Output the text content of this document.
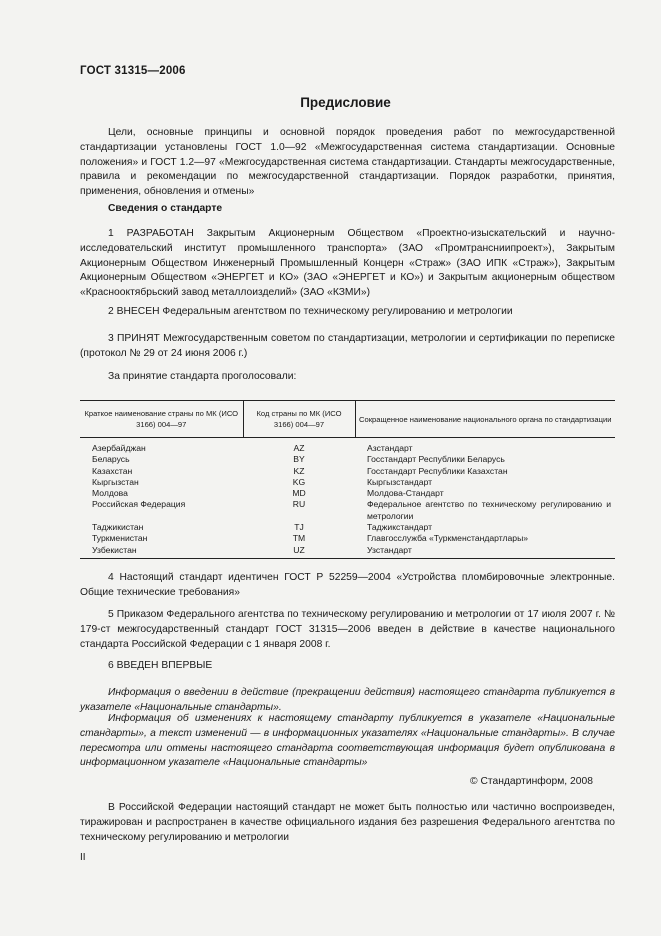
ГОСТ 31315—2006
Предисловие
Цели, основные принципы и основной порядок проведения работ по межгосударственной стандартизации установлены ГОСТ 1.0—92 «Межгосударственная система стандартизации. Основные положения» и ГОСТ 1.2—97 «Межгосударственная система стандартизации. Стандарты межгосударственные, правила и рекомендации по межгосударственной стандартизации. Порядок разработки, принятия, применения, обновления и отмены»
Сведения о стандарте
1 РАЗРАБОТАН Закрытым Акционерным Обществом «Проектно-изыскательский и научно-исследовательский институт промышленного транспорта» (ЗАО «Промтрансниипроект»), Закрытым Акционерным Обществом Инженерный Промышленный Концерн «Страж» (ЗАО ИПК «Страж»), Закрытым Акционерным Обществом «ЭНЕРГЕТ и КО» (ЗАО «ЭНЕРГЕТ и КО») и Закрытым акционерным обществом «Краснооктябрьский завод металлоизделий» (ЗАО «КЗМИ»)
2 ВНЕСЕН Федеральным агентством по техническому регулированию и метрологии
3 ПРИНЯТ Межгосударственным советом по стандартизации, метрологии и сертификации по переписке (протокол № 29 от 24 июня 2006 г.)
За принятие стандарта проголосовали:
Краткое наименование страны по МК (ИСО 3166) 004—97	Код страны по МК (ИСО 3166) 004—97	Сокращенное наименование национального органа по стандартизации
Азербайджан	AZ	Азстандарт
Беларусь	BY	Госстандарт Республики Беларусь
Казахстан	KZ	Госстандарт Республики Казахстан
Кыргызстан	KG	Кыргызстандарт
Молдова	MD	Молдова-Стандарт
Российская Федерация	RU	Федеральное агентство по техническому регулированию и метрологии
Таджикистан	TJ	Таджикстандарт
Туркменистан	TM	Главгосслужба «Туркменстандартлары»
Узбекистан	UZ	Узстандарт
4 Настоящий стандарт идентичен ГОСТ Р 52259—2004 «Устройства пломбировочные электронные. Общие технические требования»
5 Приказом Федерального агентства по техническому регулированию и метрологии от 17 июля 2007 г. № 179-ст межгосударственный стандарт ГОСТ 31315—2006 введен в действие в качестве национального стандарта Российской Федерации с 1 января 2008 г.
6 ВВЕДЕН ВПЕРВЫЕ
Информация о введении в действие (прекращении действия) настоящего стандарта публикуется в указателе «Национальные стандарты».
Информация об изменениях к настоящему стандарту публикуется в указателе «Национальные стандарты», а текст изменений — в информационных указателях «Национальные стандарты». В случае пересмотра или отмены настоящего стандарта соответствующая информация будет опубликована в информационном указателе «Национальные стандарты»
© Стандартинформ, 2008
В Российской Федерации настоящий стандарт не может быть полностью или частично воспроизведен, тиражирован и распространен в качестве официального издания без разрешения Федерального агентства по техническому регулированию и метрологии
II
